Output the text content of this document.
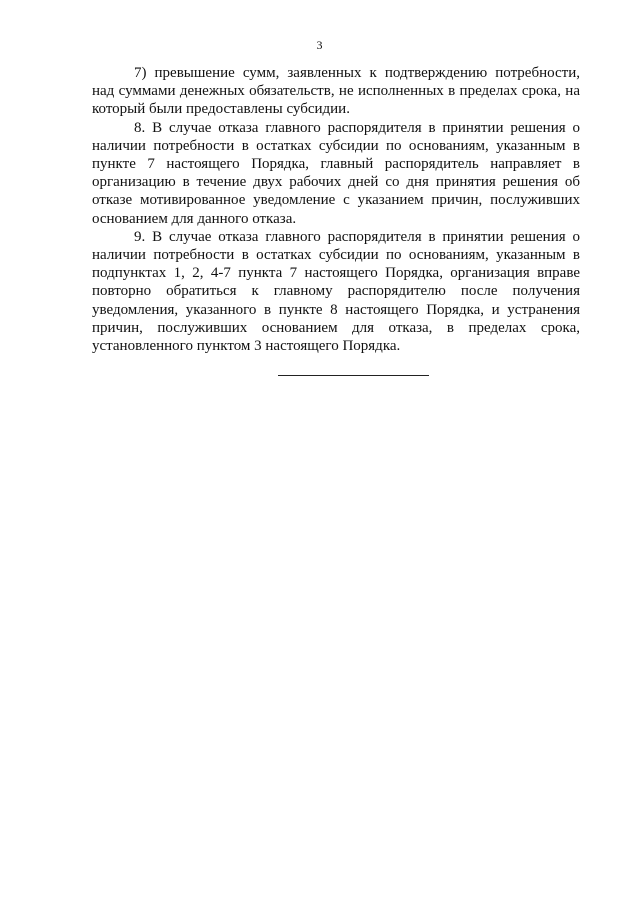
3

7) превышение сумм, заявленных к подтверждению потребности, над суммами денежных обязательств, не исполненных в пределах срока, на который были предоставлены субсидии.

8. В случае отказа главного распорядителя в принятии решения о наличии потребности в остатках субсидии по основаниям, указанным в пункте 7 настоящего Порядка, главный распорядитель направляет в организацию в течение двух рабочих дней со дня принятия решения об отказе мотивированное уведомление с указанием причин, послуживших основанием для данного отказа.

9. В случае отказа главного распорядителя в принятии решения о наличии потребности в остатках субсидии по основаниям, указанным в подпунктах 1, 2, 4-7 пункта 7 настоящего Порядка, организация вправе повторно обратиться к главному распорядителю после получения уведомления, указанного в пункте 8 настоящего Порядка, и устранения причин, послуживших основанием для отказа, в пределах срока, установленного пунктом 3 настоящего Порядка.
